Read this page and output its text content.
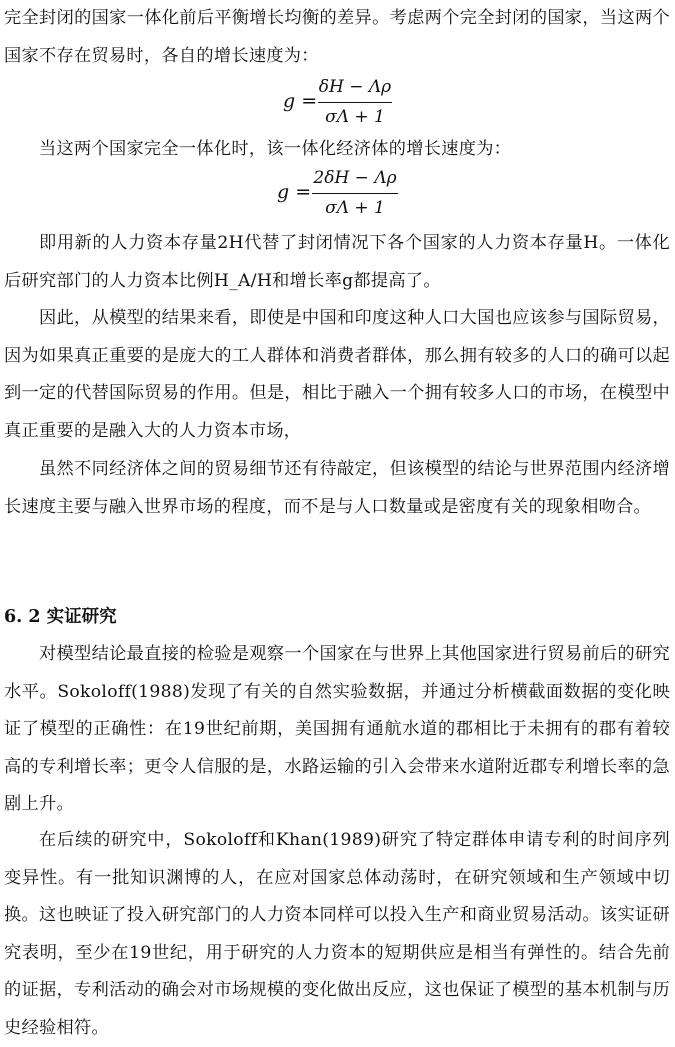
完全封闭的国家一体化前后平衡增长均衡的差异。考虑两个完全封闭的国家，当这两个国家不存在贸易时，各自的增长速度为：

g =
δH − Λρ
σΛ + 1

当这两个国家完全一体化时，该一体化经济体的增长速度为：

g =
2δH − Λρ
σΛ + 1

即用新的人力资本存量2H代替了封闭情况下各个国家的人力资本存量H。一体化后研究部门的人力资本比例H_A/H和增长率g都提高了。

因此，从模型的结果来看，即使是中国和印度这种人口大国也应该参与国际贸易，因为如果真正重要的是庞大的工人群体和消费者群体，那么拥有较多的人口的确可以起到一定的代替国际贸易的作用。但是，相比于融入一个拥有较多人口的市场，在模型中真正重要的是融入大的人力资本市场，

虽然不同经济体之间的贸易细节还有待敲定，但该模型的结论与世界范围内经济增长速度主要与融入世界市场的程度，而不是与人口数量或是密度有关的现象相吻合。

6. 2 实证研究

对模型结论最直接的检验是观察一个国家在与世界上其他国家进行贸易前后的研究水平。Sokoloff(1988)发现了有关的自然实验数据，并通过分析横截面数据的变化映证了模型的正确性：在19世纪前期，美国拥有通航水道的郡相比于未拥有的郡有着较高的专利增长率；更令人信服的是，水路运输的引入会带来水道附近郡专利增长率的急剧上升。

在后续的研究中，Sokoloff和Khan(1989)研究了特定群体申请专利的时间序列变异性。有一批知识渊博的人，在应对国家总体动荡时，在研究领域和生产领域中切换。这也映证了投入研究部门的人力资本同样可以投入生产和商业贸易活动。该实证研究表明，至少在19世纪，用于研究的人力资本的短期供应是相当有弹性的。结合先前的证据，专利活动的确会对市场规模的变化做出反应，这也保证了模型的基本机制与历史经验相符。
